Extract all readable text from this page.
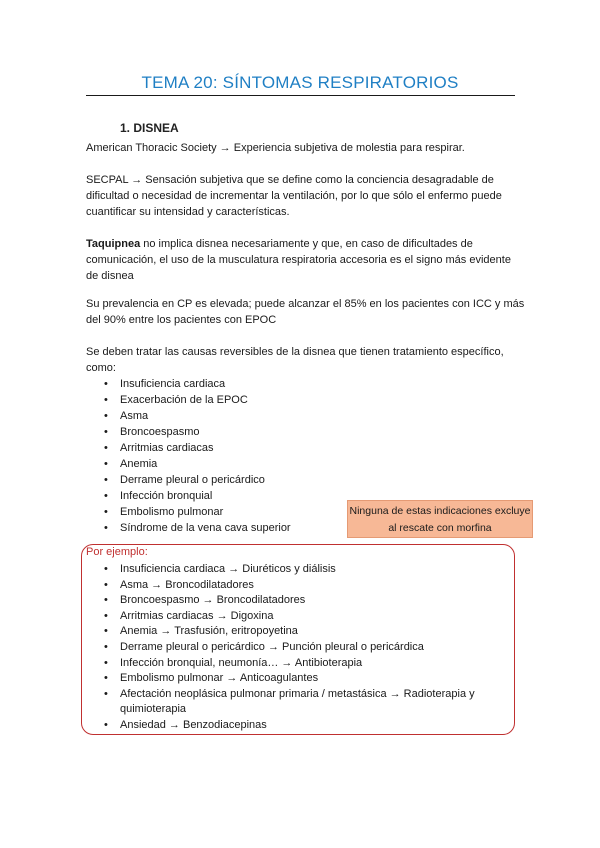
TEMA 20: SÍNTOMAS RESPIRATORIOS
1. DISNEA
American Thoracic Society → Experiencia subjetiva de molestia para respirar.
SECPAL → Sensación subjetiva que se define como la conciencia desagradable de dificultad o necesidad de incrementar la ventilación, por lo que sólo el enfermo puede cuantificar su intensidad y características.
Taquipnea no implica disnea necesariamente y que, en caso de dificultades de comunicación, el uso de la musculatura respiratoria accesoria es el signo más evidente de disnea
Su prevalencia en CP es elevada; puede alcanzar el 85% en los pacientes con ICC y más del 90% entre los pacientes con EPOC
Se deben tratar las causas reversibles de la disnea que tienen tratamiento específico, como:
• Insuficiencia cardiaca
• Exacerbación de la EPOC
• Asma
• Broncoespasmo
• Arritmias cardiacas
• Anemia
• Derrame pleural o pericárdico
• Infección bronquial
• Embolismo pulmonar
• Síndrome de la vena cava superior
Ninguna de estas indicaciones excluye al rescate con morfina
Por ejemplo:
• Insuficiencia cardiaca → Diuréticos y diálisis
• Asma → Broncodilatadores
• Broncoespasmo → Broncodilatadores
• Arritmias cardiacas → Digoxina
• Anemia → Trasfusión, eritropoyetina
• Derrame pleural o pericárdico → Punción pleural o pericárdica
• Infección bronquial, neumonía… → Antibioterapia
• Embolismo pulmonar → Anticoagulantes
• Afectación neoplásica pulmonar primaria / metastásica → Radioterapia y quimioterapia
• Ansiedad → Benzodiacepinas
